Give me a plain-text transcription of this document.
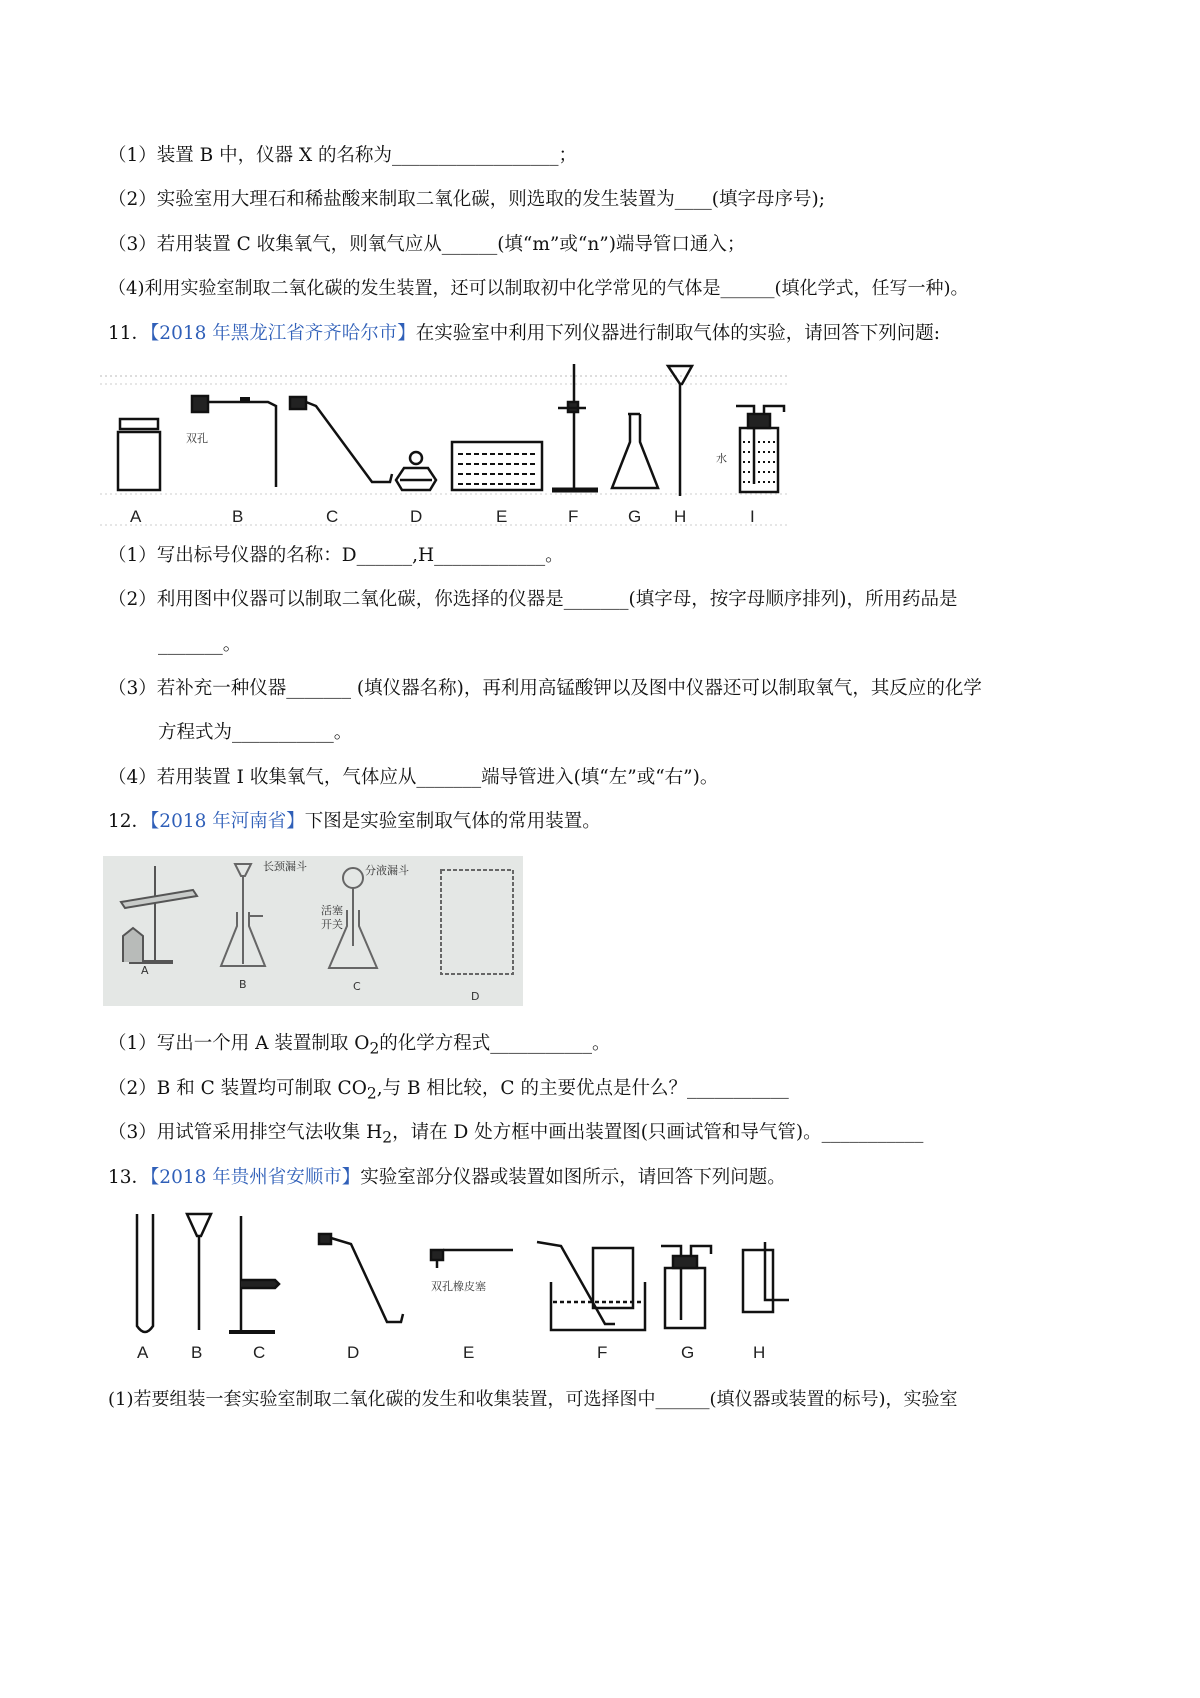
（1）装置 B 中，仪器 X 的名称为__________________；
（2）实验室用大理石和稀盐酸来制取二氧化碳，则选取的发生装置为____(填字母序号);
（3）若用装置 C 收集氧气，则氧气应从______(填“m”或“n”)端导管口通入；
（4)利用实验室制取二氧化碳的发生装置，还可以制取初中化学常见的气体是______(填化学式，任写一种)。
11．【2018 年黑龙江省齐齐哈尔市】在实验室中利用下列仪器进行制取气体的实验，请回答下列问题:
双孔
水
A	B	C	D	E	F	G H	I
（1）写出标号仪器的名称：D______,H____________。
（2）利用图中仪器可以制取二氧化碳，你选择的仪器是_______(填字母，按字母顺序排列)，所用药品是
_______。
（3）若补充一种仪器_______ (填仪器名称)，再利用高锰酸钾以及图中仪器还可以制取氧气，其反应的化学
方程式为___________。
（4）若用装置 I 收集氧气，气体应从_______端导管进入(填“左”或“右”)。
12．【2018 年河南省】下图是实验室制取气体的常用装置。
长颈漏斗	分液漏斗
活塞
开关
A
B	C
D
（1）写出一个用 A 装置制取 $O_2$的化学方程式___________。
（2）B 和 C 装置均可制取 $CO_2$,与 B 相比较，C 的主要优点是什么？___________
（3）用试管采用排空气法收集 $H_2$，请在 D 处方框中画出装置图(只画试管和导气管)。___________
13．【2018 年贵州省安顺市】实验室部分仪器或装置如图所示，请回答下列问题。
双孔橡皮塞
A	B	C	D	E	F	G	H
(1)若要组装一套实验室制取二氧化碳的发生和收集装置，可选择图中______(填仪器或装置的标号)，实验室
